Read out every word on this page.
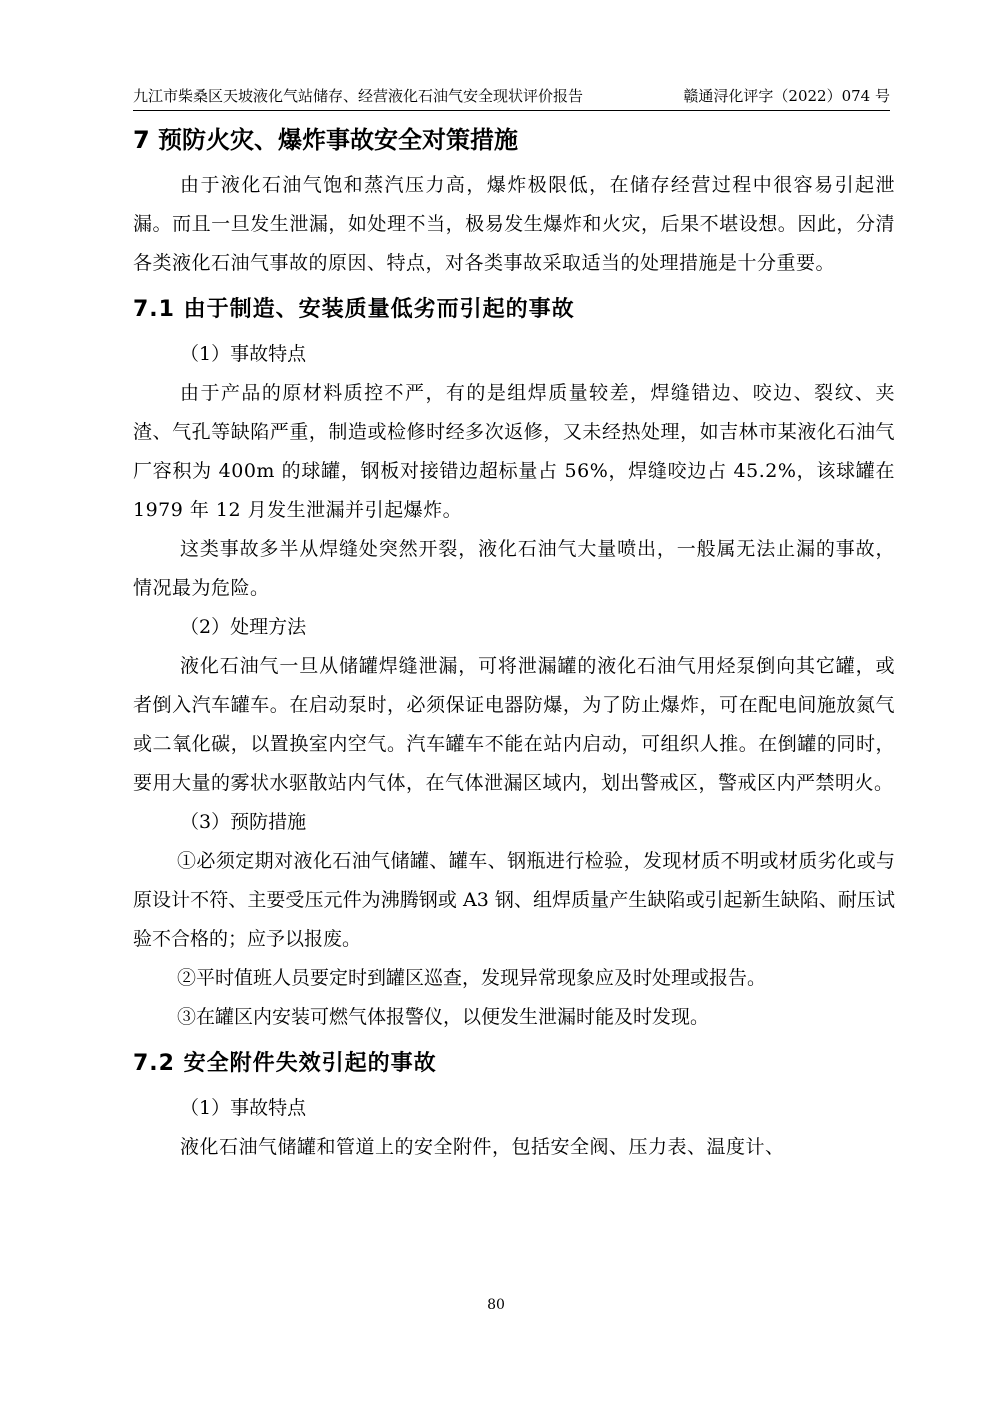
九江市柴桑区天坡液化气站储存、经营液化石油气安全现状评价报告	赣通浔化评字（2022）074 号
7 预防火灾、爆炸事故安全对策措施

由于液化石油气饱和蒸汽压力高，爆炸极限低，在储存经营过程中很容易引起泄漏。而且一旦发生泄漏，如处理不当，极易发生爆炸和火灾，后果不堪设想。因此，分清各类液化石油气事故的原因、特点，对各类事故采取适当的处理措施是十分重要。

7.1 由于制造、安装质量低劣而引起的事故

（1）事故特点

由于产品的原材料质控不严，有的是组焊质量较差，焊缝错边、咬边、裂纹、夹渣、气孔等缺陷严重，制造或检修时经多次返修，又未经热处理，如吉林市某液化石油气厂容积为 400m 的球罐，钢板对接错边超标量占 56%，焊缝咬边占 45.2%，该球罐在 1979 年 12 月发生泄漏并引起爆炸。

这类事故多半从焊缝处突然开裂，液化石油气大量喷出，一般属无法止漏的事故，情况最为危险。

（2）处理方法

液化石油气一旦从储罐焊缝泄漏，可将泄漏罐的液化石油气用烃泵倒向其它罐，或者倒入汽车罐车。在启动泵时，必须保证电器防爆，为了防止爆炸，可在配电间施放氮气或二氧化碳，以置换室内空气。汽车罐车不能在站内启动，可组织人推。在倒罐的同时，要用大量的雾状水驱散站内气体，在气体泄漏区域内，划出警戒区，警戒区内严禁明火。

（3）预防措施

①必须定期对液化石油气储罐、罐车、钢瓶进行检验，发现材质不明或材质劣化或与原设计不符、主要受压元件为沸腾钢或 A3 钢、组焊质量产生缺陷或引起新生缺陷、耐压试验不合格的；应予以报废。

②平时值班人员要定时到罐区巡查，发现异常现象应及时处理或报告。

③在罐区内安装可燃气体报警仪，以便发生泄漏时能及时发现。

7.2 安全附件失效引起的事故

（1）事故特点

液化石油气储罐和管道上的安全附件，包括安全阀、压力表、温度计、

80
